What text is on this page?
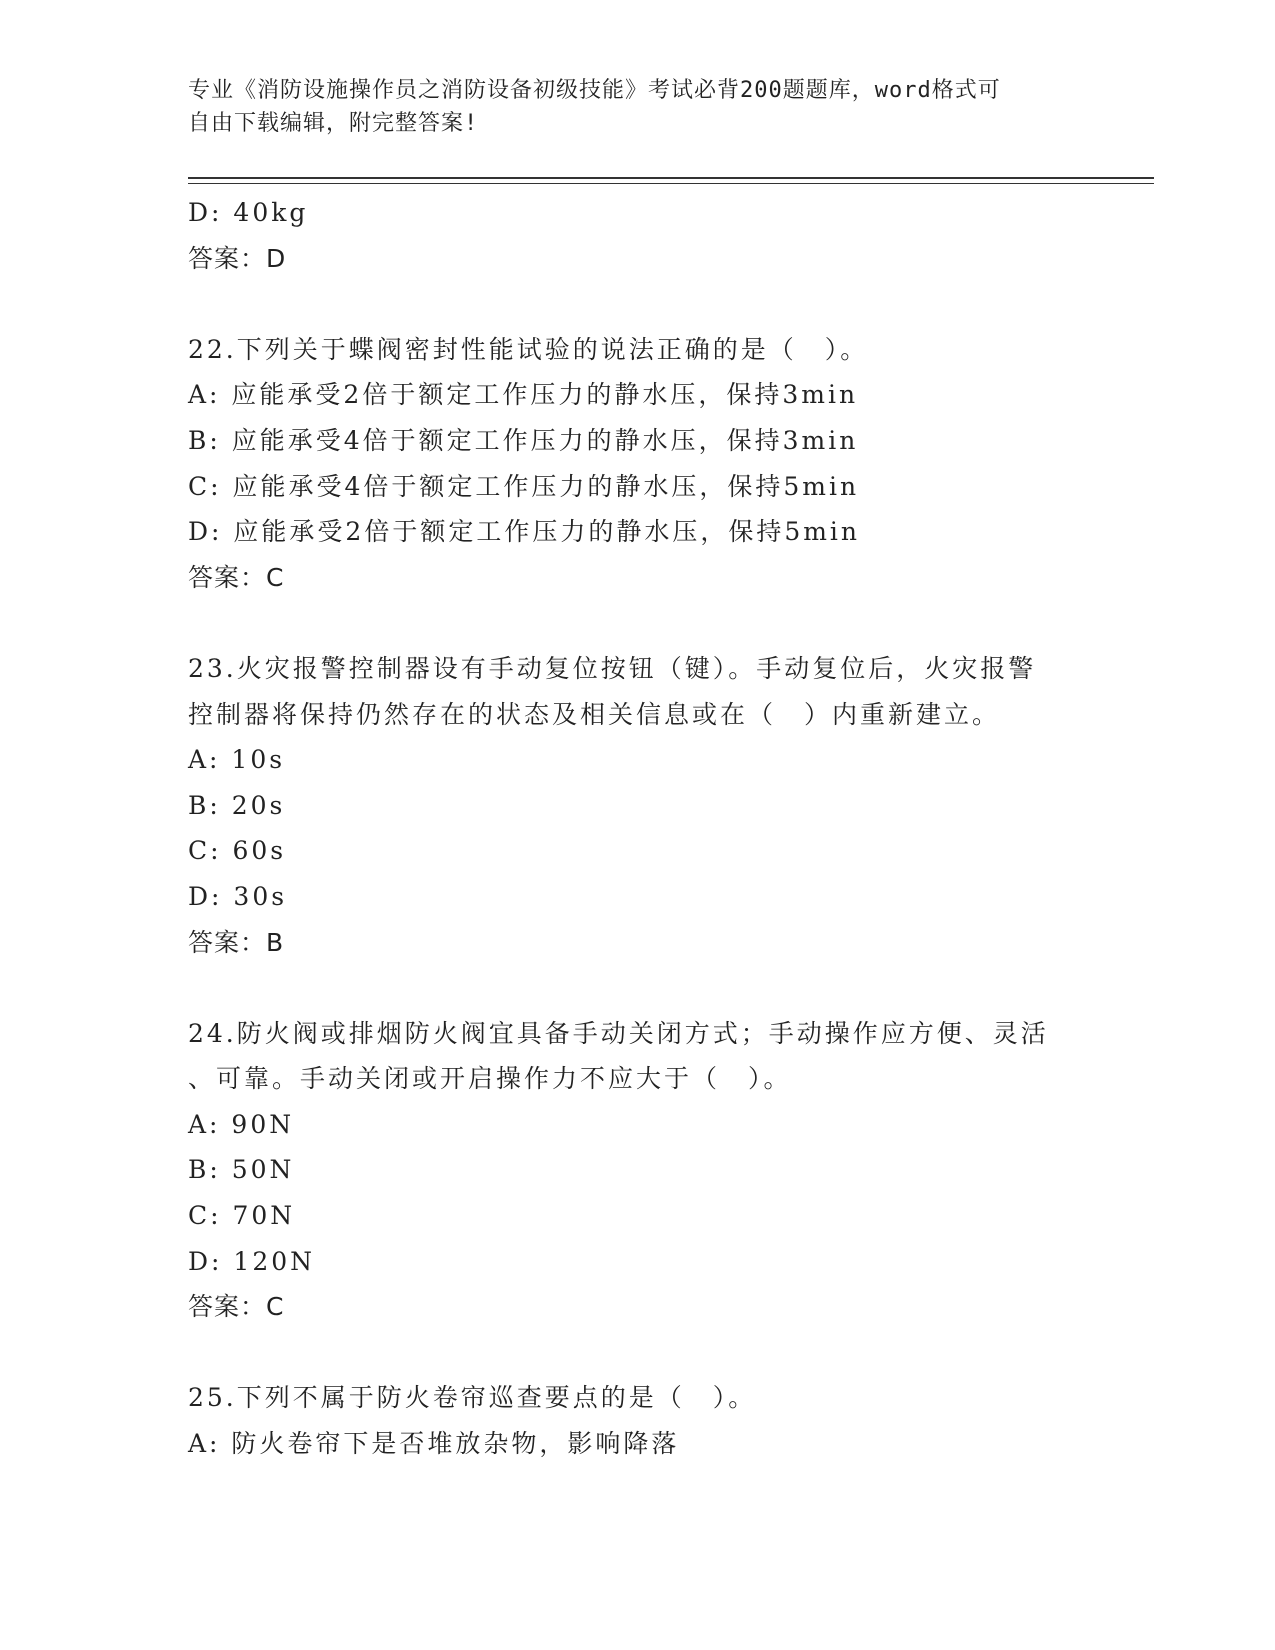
专业《消防设施操作员之消防设备初级技能》考试必背200题题库，word格式可
自由下载编辑，附完整答案!
D: 40kg
答案：D
22.下列关于蝶阀密封性能试验的说法正确的是（　）。
A: 应能承受2倍于额定工作压力的静水压，保持3min
B: 应能承受4倍于额定工作压力的静水压，保持3min
C: 应能承受4倍于额定工作压力的静水压，保持5min
D: 应能承受2倍于额定工作压力的静水压，保持5min
答案：C
23.火灾报警控制器设有手动复位按钮（键）。手动复位后，火灾报警
控制器将保持仍然存在的状态及相关信息或在（　）内重新建立。
A: 10s
B: 20s
C: 60s
D: 30s
答案：B
24.防火阀或排烟防火阀宜具备手动关闭方式；手动操作应方便、灵活
、可靠。手动关闭或开启操作力不应大于（　）。
A: 90N
B: 50N
C: 70N
D: 120N
答案：C
25.下列不属于防火卷帘巡查要点的是（　）。
A: 防火卷帘下是否堆放杂物，影响降落
